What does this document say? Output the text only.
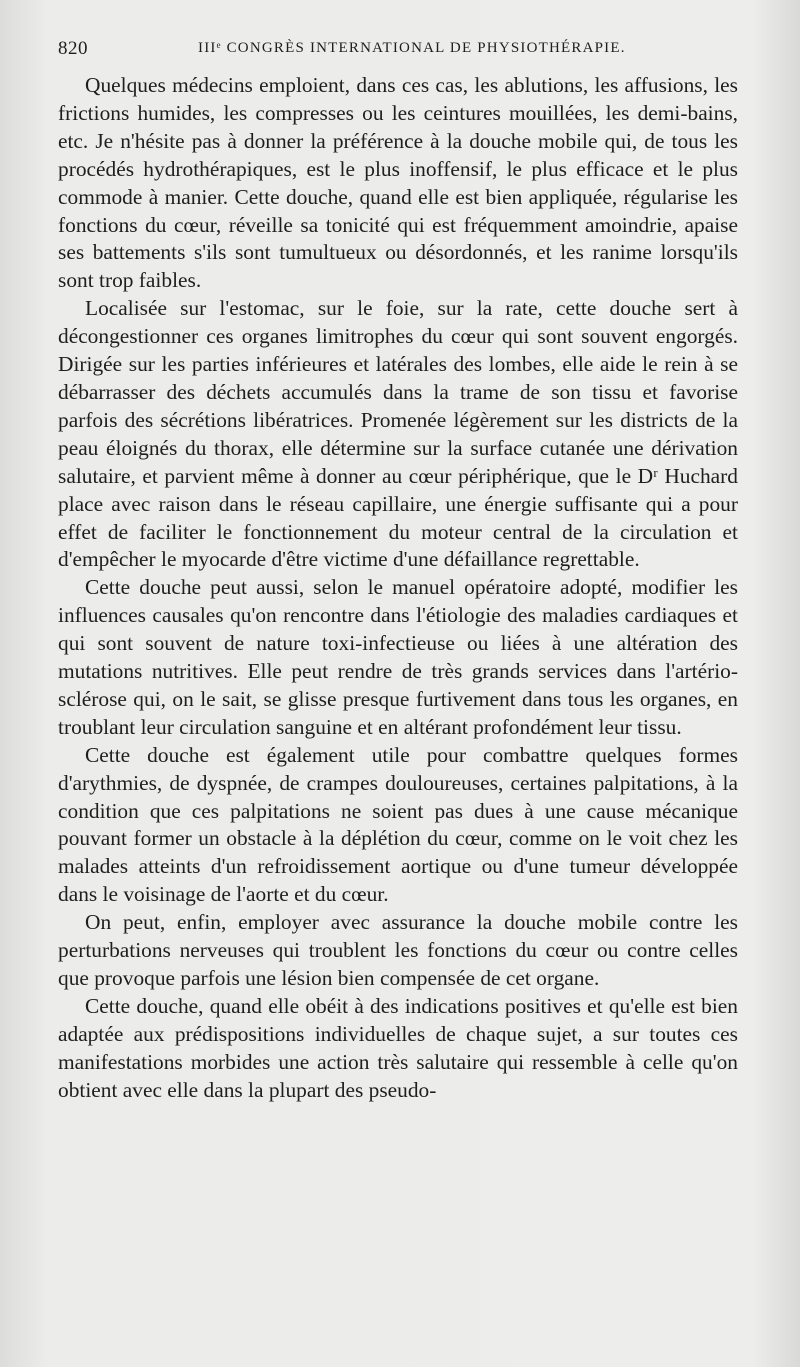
820	IIIᵉ CONGRÈS INTERNATIONAL DE PHYSIOTHÉRAPIE.

Quelques médecins emploient, dans ces cas, les ablutions, les affusions, les frictions humides, les compresses ou les ceintures mouillées, les demi-bains, etc. Je n'hésite pas à donner la préférence à la douche mobile qui, de tous les procédés hydrothérapiques, est le plus inoffensif, le plus efficace et le plus commode à manier. Cette douche, quand elle est bien appliquée, régularise les fonctions du cœur, réveille sa tonicité qui est fréquemment amoindrie, apaise ses battements s'ils sont tumultueux ou désordonnés, et les ranime lorsqu'ils sont trop faibles.

Localisée sur l'estomac, sur le foie, sur la rate, cette douche sert à décongestionner ces organes limitrophes du cœur qui sont souvent engorgés. Dirigée sur les parties inférieures et latérales des lombes, elle aide le rein à se débarrasser des déchets accumulés dans la trame de son tissu et favorise parfois des sécrétions libératrices. Promenée légèrement sur les districts de la peau éloignés du thorax, elle détermine sur la surface cutanée une dérivation salutaire, et parvient même à donner au cœur périphérique, que le Dʳ Huchard place avec raison dans le réseau capillaire, une énergie suffisante qui a pour effet de faciliter le fonctionnement du moteur central de la circulation et d'empêcher le myocarde d'être victime d'une défaillance regrettable.

Cette douche peut aussi, selon le manuel opératoire adopté, modifier les influences causales qu'on rencontre dans l'étiologie des maladies cardiaques et qui sont souvent de nature toxi-infectieuse ou liées à une altération des mutations nutritives. Elle peut rendre de très grands services dans l'artério-sclérose qui, on le sait, se glisse presque furtivement dans tous les organes, en troublant leur circulation sanguine et en altérant profondément leur tissu.

Cette douche est également utile pour combattre quelques formes d'arythmies, de dyspnée, de crampes douloureuses, certaines palpitations, à la condition que ces palpitations ne soient pas dues à une cause mécanique pouvant former un obstacle à la déplétion du cœur, comme on le voit chez les malades atteints d'un refroidissement aortique ou d'une tumeur développée dans le voisinage de l'aorte et du cœur.

On peut, enfin, employer avec assurance la douche mobile contre les perturbations nerveuses qui troublent les fonctions du cœur ou contre celles que provoque parfois une lésion bien compensée de cet organe.

Cette douche, quand elle obéit à des indications positives et qu'elle est bien adaptée aux prédispositions individuelles de chaque sujet, a sur toutes ces manifestations morbides une action très salutaire qui ressemble à celle qu'on obtient avec elle dans la plupart des pseudo-
